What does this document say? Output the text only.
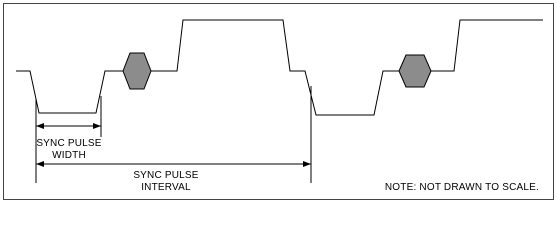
SYNC PULSE
WIDTH
SYNC PULSE
INTERVAL	NOTE: NOT DRAWN TO SCALE.
